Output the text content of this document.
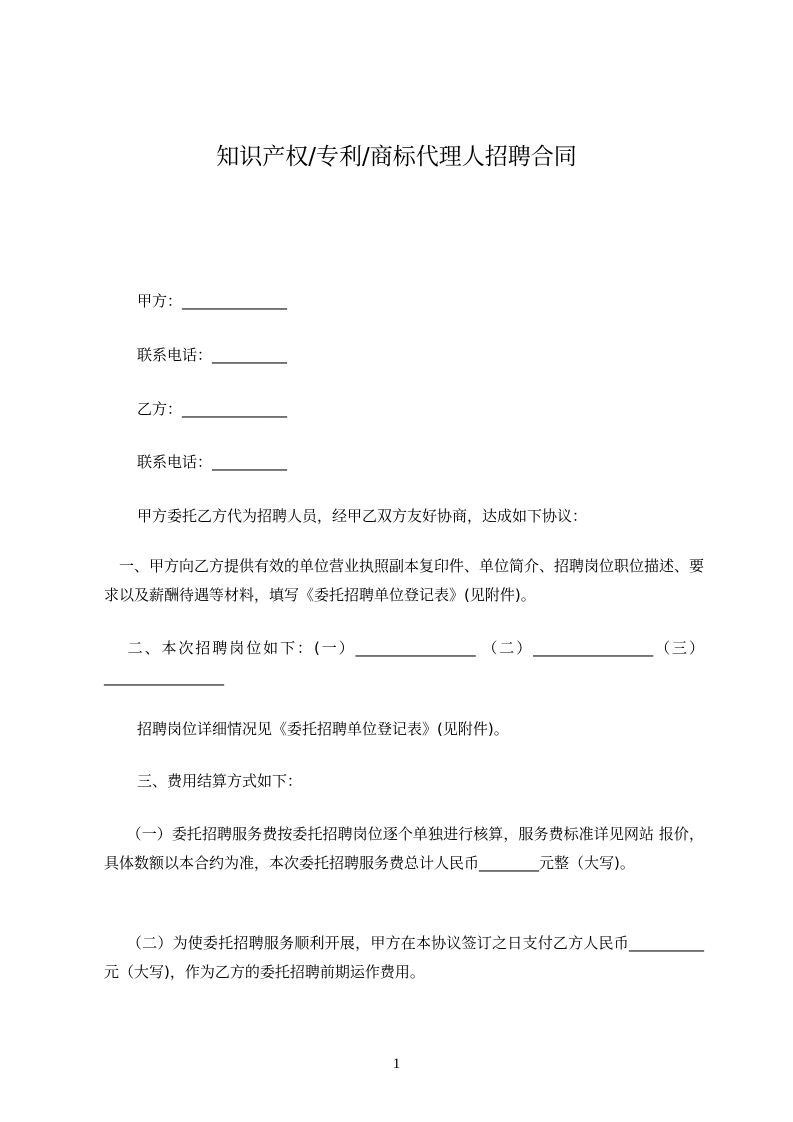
知识产权/专利/商标代理人招聘合同
甲方：______________
联系电话：__________
乙方：______________
联系电话：__________
甲方委托乙方代为招聘人员，经甲乙双方友好协商，达成如下协议：
　一、甲方向乙方提供有效的单位营业执照副本复印件、单位简介、招聘岗位职位描述、要求以及薪酬待遇等材料，填写《委托招聘单位登记表》(见附件)。
　 二、本次招聘岗位如下：(一）________________ （二）________________（三）________________
招聘岗位详细情况见《委托招聘单位登记表》(见附件)。
三、费用结算方式如下：
　　（一）委托招聘服务费按委托招聘岗位逐个单独进行核算，服务费标准详见网站 报价，具体数额以本合约为准，本次委托招聘服务费总计人民币________元整（大写)。
　　（二）为使委托招聘服务顺利开展，甲方在本协议签订之日支付乙方人民币__________元（大写)，作为乙方的委托招聘前期运作费用。
1
